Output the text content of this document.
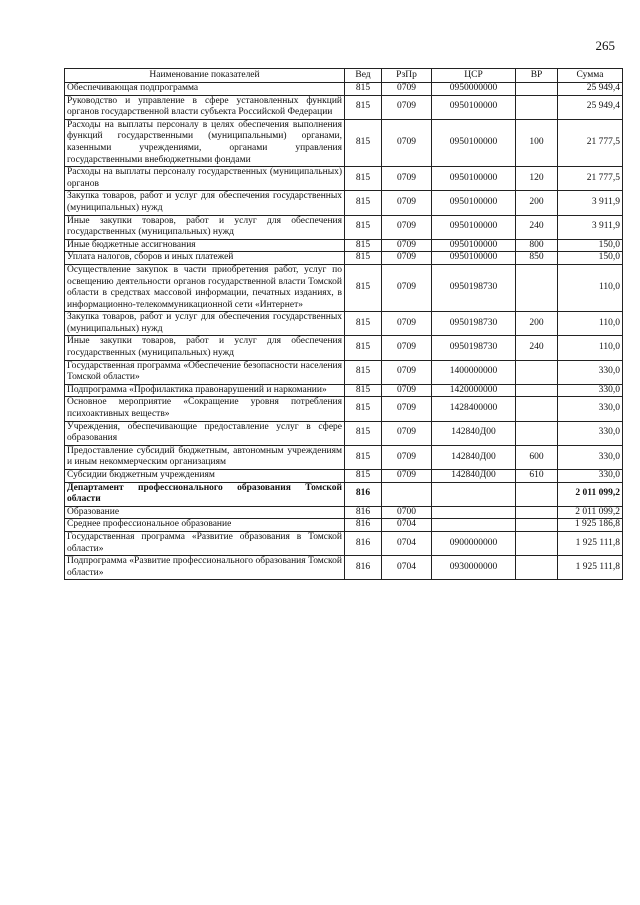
265
Наименование показателей	Вед	РзПр	ЦСР	ВР	Сумма
Обеспечивающая подпрограмма	815	0709	0950000000		25 949,4
Руководство и управление в сфере установленных функций органов государственной власти субъекта Российской Федерации	815	0709	0950100000		25 949,4
Расходы на выплаты персоналу в целях обеспечения выполнения функций государственными (муниципальными) органами, казенными учреждениями, органами управления государственными внебюджетными фондами	815	0709	0950100000	100	21 777,5
Расходы на выплаты персоналу государственных (муниципальных) органов	815	0709	0950100000	120	21 777,5
Закупка товаров, работ и услуг для обеспечения государственных (муниципальных) нужд	815	0709	0950100000	200	3 911,9
Иные закупки товаров, работ и услуг для обеспечения государственных (муниципальных) нужд	815	0709	0950100000	240	3 911,9
Иные бюджетные ассигнования	815	0709	0950100000	800	150,0
Уплата налогов, сборов и иных платежей	815	0709	0950100000	850	150,0
Осуществление закупок в части приобретения работ, услуг по освещению деятельности органов государственной власти Томской области в средствах массовой информации, печатных изданиях, в информационно-телекоммуникационной сети «Интернет»	815	0709	0950198730		110,0
Закупка товаров, работ и услуг для обеспечения государственных (муниципальных) нужд	815	0709	0950198730	200	110,0
Иные закупки товаров, работ и услуг для обеспечения государственных (муниципальных) нужд	815	0709	0950198730	240	110,0
Государственная программа «Обеспечение безопасности населения Томской области»	815	0709	1400000000		330,0
Подпрограмма «Профилактика правонарушений и наркомании»	815	0709	1420000000		330,0
Основное мероприятие «Сокращение уровня потребления психоактивных веществ»	815	0709	1428400000		330,0
Учреждения, обеспечивающие предоставление услуг в сфере образования	815	0709	142840Д00		330,0
Предоставление субсидий бюджетным, автономным учреждениям и иным некоммерческим организациям	815	0709	142840Д00	600	330,0
Субсидии бюджетным учреждениям	815	0709	142840Д00	610	330,0
Департамент профессионального образования Томской области	816				2 011 099,2
Образование	816	0700			2 011 099,2
Среднее профессиональное образование	816	0704			1 925 186,8
Государственная программа «Развитие образования в Томской области»	816	0704	0900000000		1 925 111,8
Подпрограмма «Развитие профессионального образования Томской области»	816	0704	0930000000		1 925 111,8
